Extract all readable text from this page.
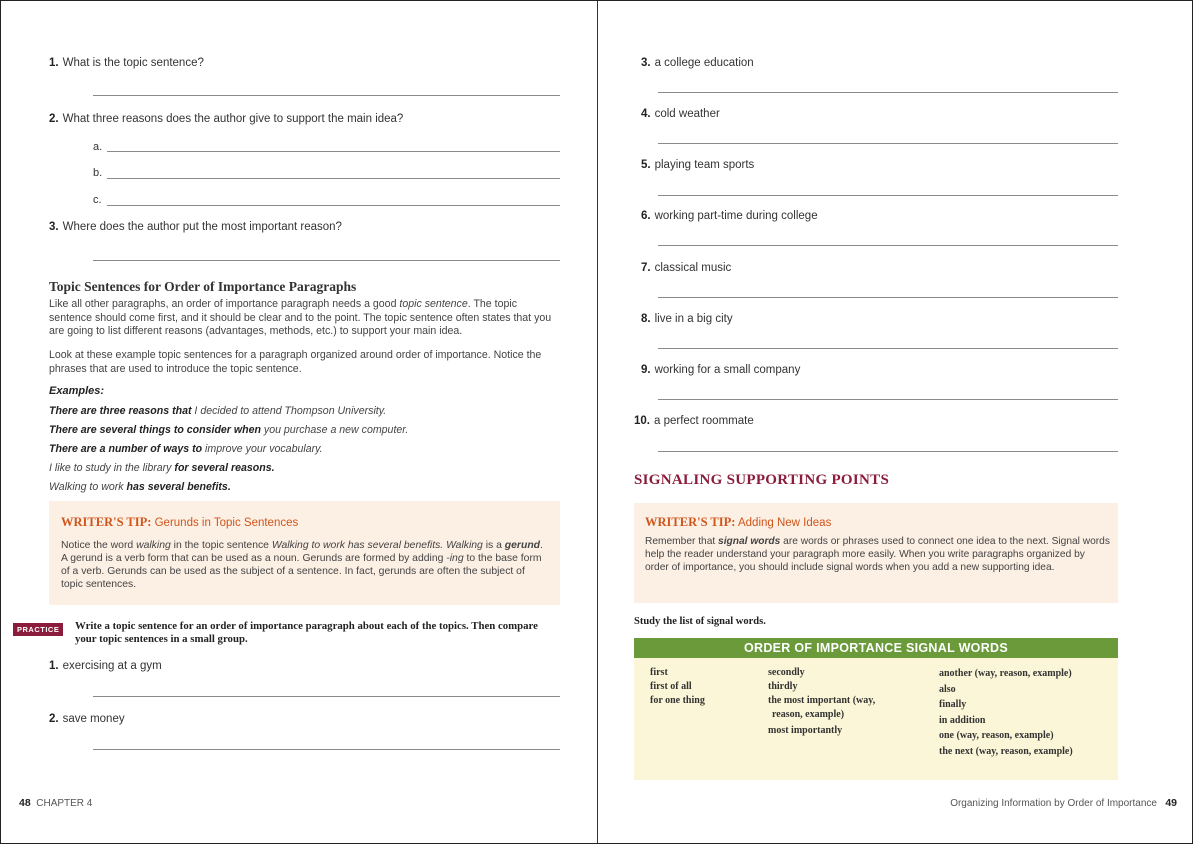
1. What is the topic sentence?
2. What three reasons does the author give to support the main idea?
a.
b.
c.
3. Where does the author put the most important reason?
Topic Sentences for Order of Importance Paragraphs
Like all other paragraphs, an order of importance paragraph needs a good topic sentence. The topic sentence should come first, and it should be clear and to the point. The topic sentence often states that you are going to list different reasons (advantages, methods, etc.) to support your main idea.
Look at these example topic sentences for a paragraph organized around order of importance. Notice the phrases that are used to introduce the topic sentence.
Examples:
There are three reasons that I decided to attend Thompson University.
There are several things to consider when you purchase a new computer.
There are a number of ways to improve your vocabulary.
I like to study in the library for several reasons.
Walking to work has several benefits.
WRITER'S TIP: Gerunds in Topic Sentences
Notice the word walking in the topic sentence Walking to work has several benefits. Walking is a gerund. A gerund is a verb form that can be used as a noun. Gerunds are formed by adding -ing to the base form of a verb. Gerunds can be used as the subject of a sentence. In fact, gerunds are often the subject of topic sentences.
PRACTICE	Write a topic sentence for an order of importance paragraph about each of the topics. Then compare your topic sentences in a small group.
1. exercising at a gym
2. save money
48 CHAPTER 4
3. a college education
4. cold weather
5. playing team sports
6. working part-time during college
7. classical music
8. live in a big city
9. working for a small company
10. a perfect roommate
SIGNALING SUPPORTING POINTS
WRITER'S TIP: Adding New Ideas
Remember that signal words are words or phrases used to connect one idea to the next. Signal words help the reader understand your paragraph more easily. When you write paragraphs organized by order of importance, you should include signal words when you add a new supporting idea.
Study the list of signal words.
ORDER OF IMPORTANCE SIGNAL WORDS
first
first of all
for one thing
secondly
thirdly
the most important (way,
reason, example)
most importantly
another (way, reason, example)
also
finally
in addition
one (way, reason, example)
the next (way, reason, example)
Organizing Information by Order of Importance 49
